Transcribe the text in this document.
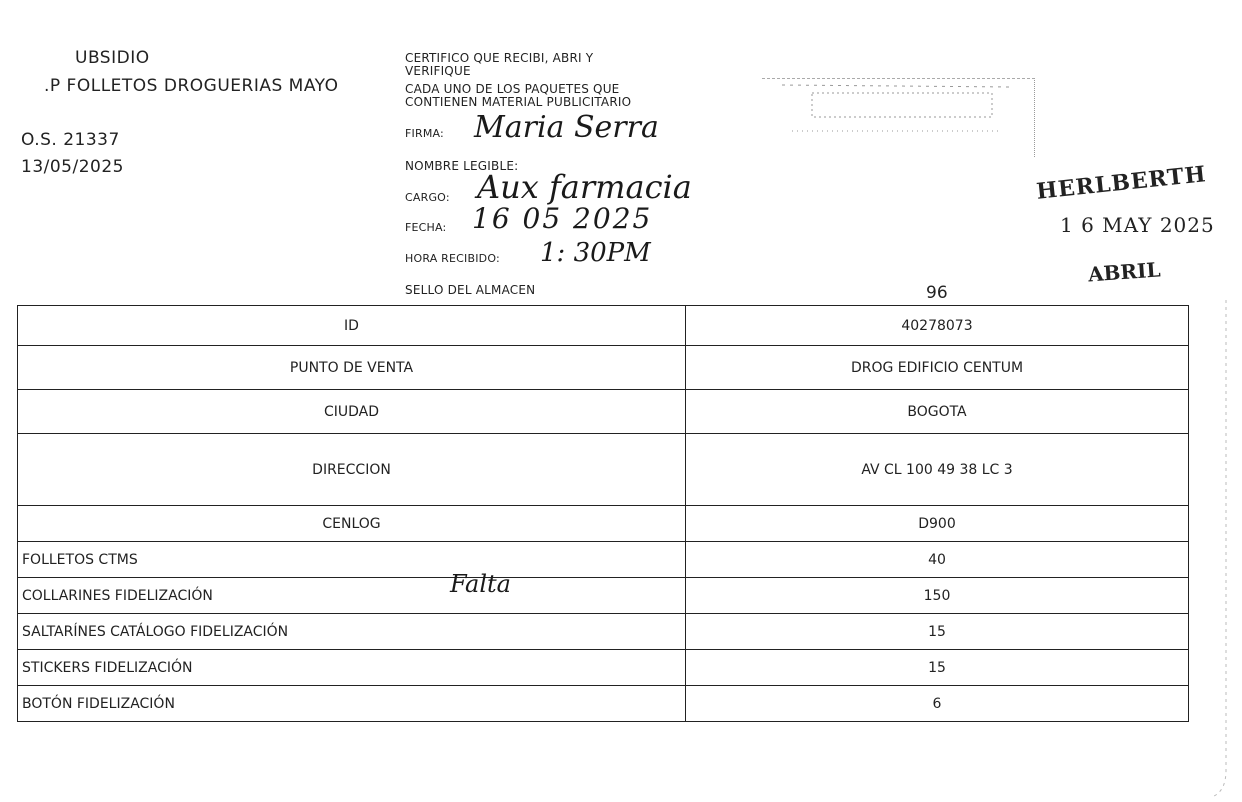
UBSIDIO
.P FOLLETOS DROGUERIAS MAYO
O.S. 21337
13/05/2025
CERTIFICO QUE RECIBI, ABRI Y
VERIFIQUE
CADA UNO DE LOS PAQUETES QUE
CONTIENEN MATERIAL PUBLICITARIO
FIRMA: Maria Serra
NOMBRE LEGIBLE:
CARGO: Aux farmacia
FECHA: 16 05 2025
HORA RECIBIDO: 1: 30PM
SELLO DEL ALMACEN	96
HERLBERTH
1 6 MAY 2025
ABRIL
ID	40278073
PUNTO DE VENTA	DROG EDIFICIO CENTUM
CIUDAD	BOGOTA
DIRECCION	AV CL 100 49 38 LC 3
CENLOG	D900
FOLLETOS CTMS	40
COLLARINES FIDELIZACIÓN	150
SALTARÍNES CATÁLOGO FIDELIZACIÓN	15
STICKERS FIDELIZACIÓN	15
BOTÓN FIDELIZACIÓN	6
Falta
